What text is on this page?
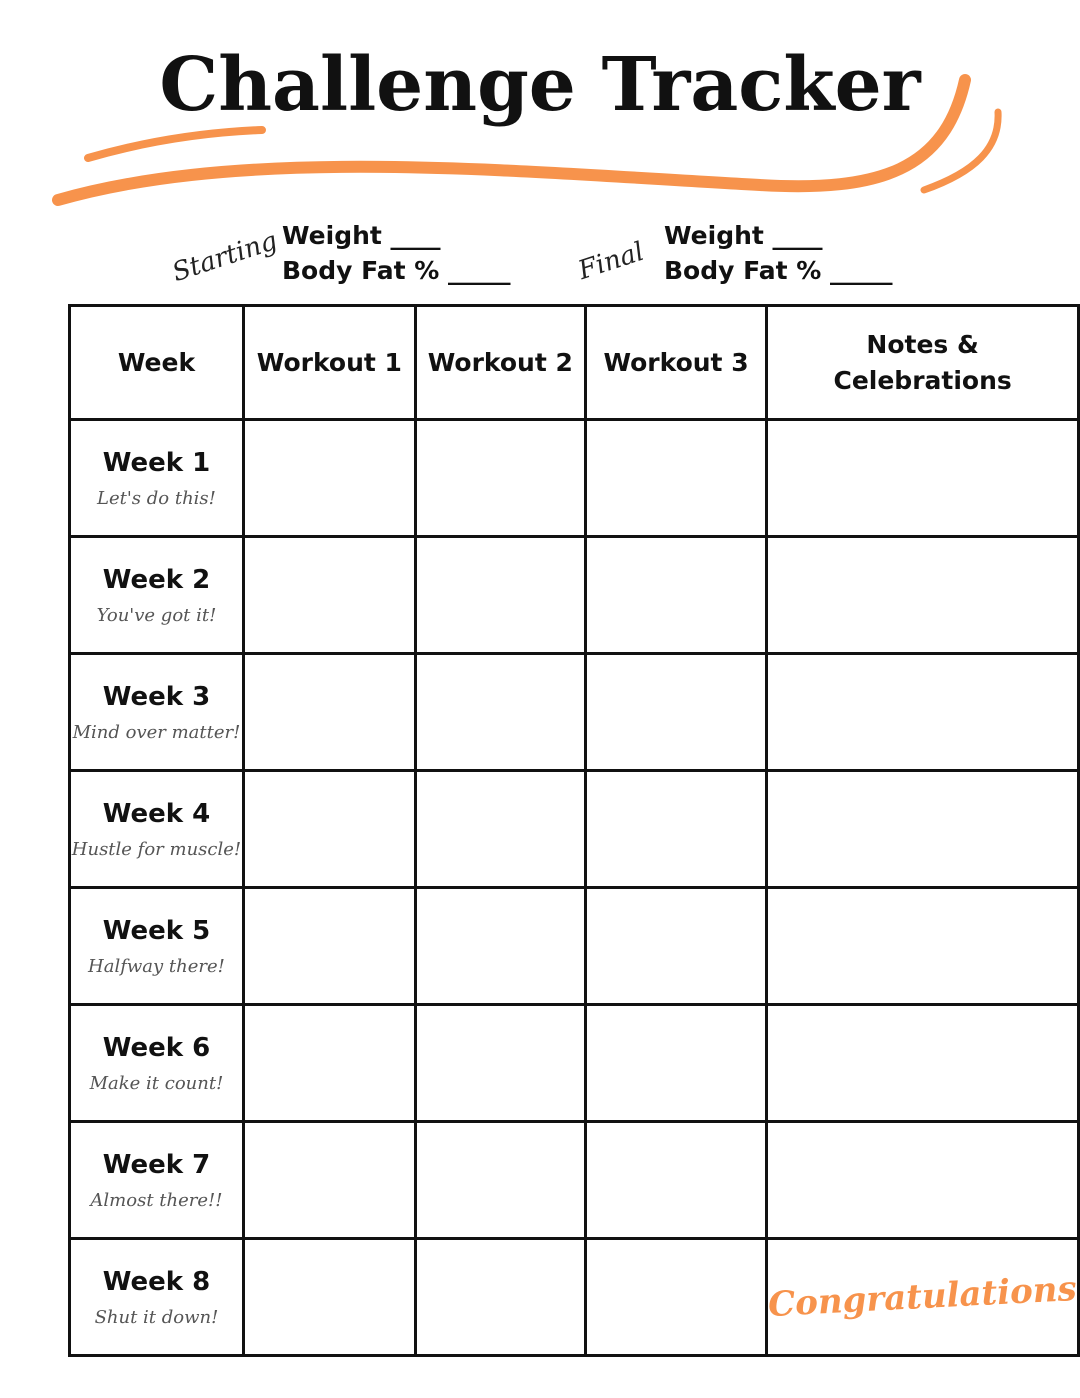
Challenge Tracker
Starting Weight ____
Body Fat % _____ Final
Weight ____
Body Fat % _____
Week	Workout 1	Workout 2	Workout 3	Notes & Celebrations

Week 1
Let's do this!				

Week 2
You've got it!				

Week 3
Mind over matter!				

Week 4
Hustle for muscle!				

Week 5
Halfway there!				

Week 6
Make it count!				

Week 7
Almost there!!				

Week 8
Shut it down!				Congratulations
